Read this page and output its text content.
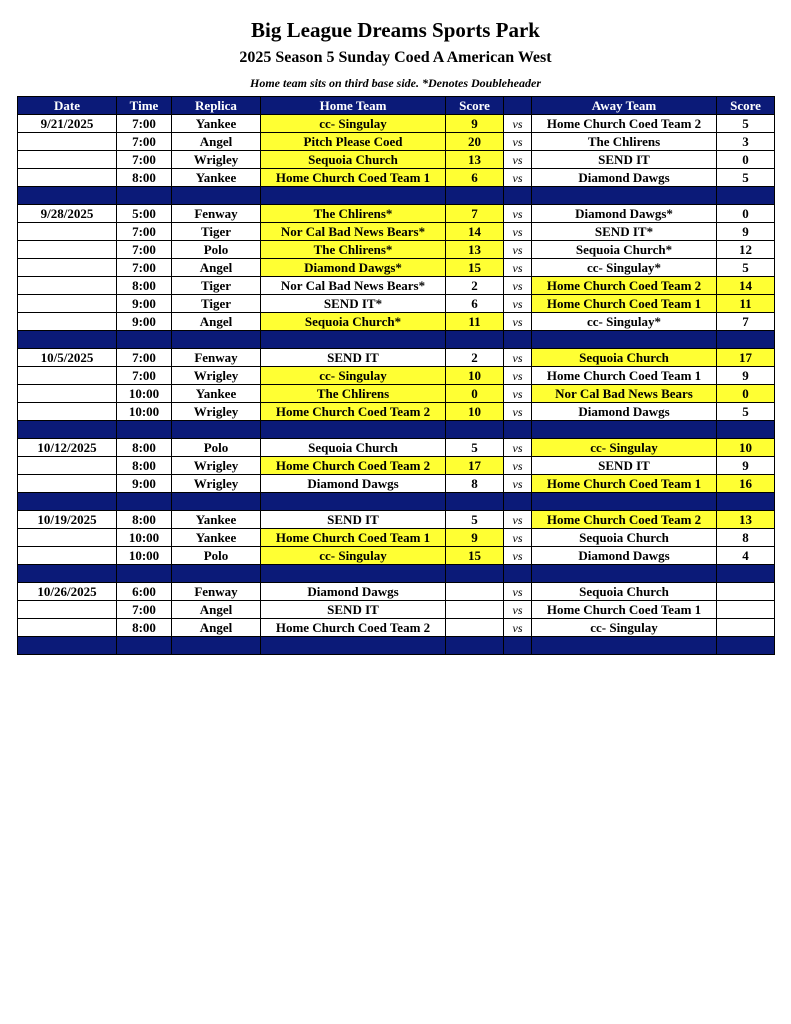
Big League Dreams Sports Park
2025 Season 5 Sunday Coed A American West
Home team sits on third base side. *Denotes Doubleheader
Date	Time	Replica	Home Team	Score		Away Team	Score
9/21/2025	7:00	Yankee	cc- Singulay	9	vs	Home Church Coed Team 2	5
	7:00	Angel	Pitch Please Coed	20	vs	The Chlirens	3
	7:00	Wrigley	Sequoia Church	13	vs	SEND IT	0
	8:00	Yankee	Home Church Coed Team 1	6	vs	Diamond Dawgs	5

9/28/2025	5:00	Fenway	The Chlirens*	7	vs	Diamond Dawgs*	0
	7:00	Tiger	Nor Cal Bad News Bears*	14	vs	SEND IT*	9
	7:00	Polo	The Chlirens*	13	vs	Sequoia Church*	12
	7:00	Angel	Diamond Dawgs*	15	vs	cc- Singulay*	5
	8:00	Tiger	Nor Cal Bad News Bears*	2	vs	Home Church Coed Team 2	14
	9:00	Tiger	SEND IT*	6	vs	Home Church Coed Team 1	11
	9:00	Angel	Sequoia Church*	11	vs	cc- Singulay*	7

10/5/2025	7:00	Fenway	SEND IT	2	vs	Sequoia Church	17
	7:00	Wrigley	cc- Singulay	10	vs	Home Church Coed Team 1	9
	10:00	Yankee	The Chlirens	0	vs	Nor Cal Bad News Bears	0
	10:00	Wrigley	Home Church Coed Team 2	10	vs	Diamond Dawgs	5

10/12/2025	8:00	Polo	Sequoia Church	5	vs	cc- Singulay	10
	8:00	Wrigley	Home Church Coed Team 2	17	vs	SEND IT	9
	9:00	Wrigley	Diamond Dawgs	8	vs	Home Church Coed Team 1	16

10/19/2025	8:00	Yankee	SEND IT	5	vs	Home Church Coed Team 2	13
	10:00	Yankee	Home Church Coed Team 1	9	vs	Sequoia Church	8
	10:00	Polo	cc- Singulay	15	vs	Diamond Dawgs	4

10/26/2025	6:00	Fenway	Diamond Dawgs		vs	Sequoia Church	
	7:00	Angel	SEND IT		vs	Home Church Coed Team 1	
	8:00	Angel	Home Church Coed Team 2		vs	cc- Singulay	
